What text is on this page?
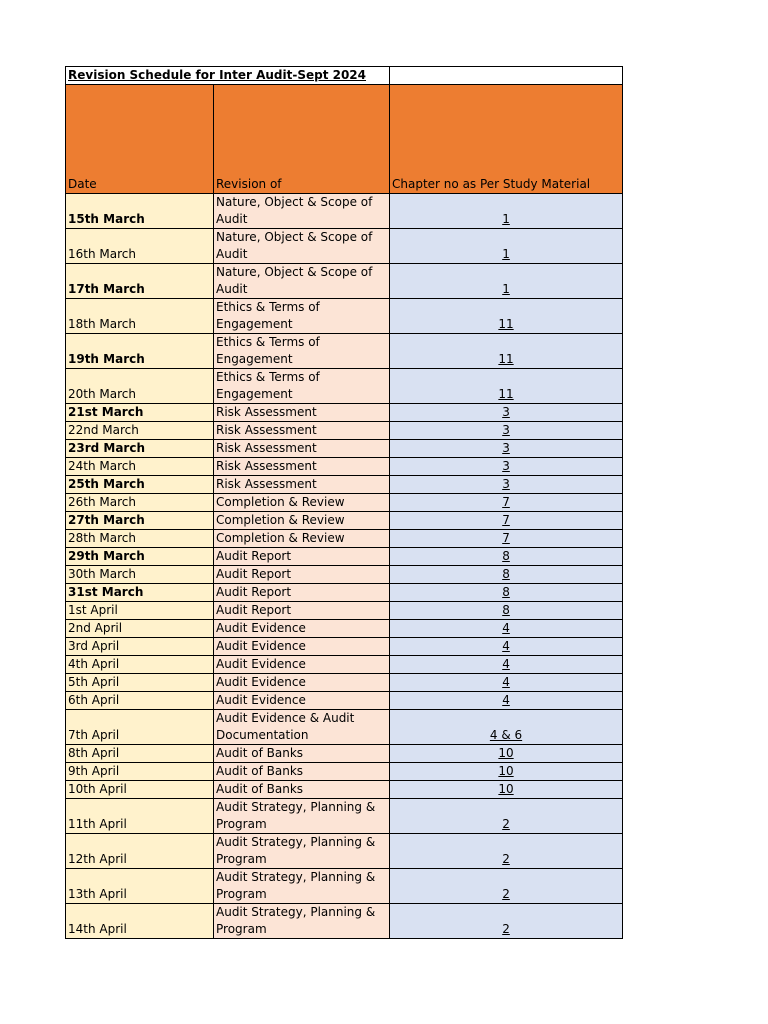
Revision Schedule for Inter Audit-Sept 2024		
Date	Revision of	Chapter no as Per Study Material
15th March	Nature, Object & Scope of Audit	1
16th March	Nature, Object & Scope of Audit	1
17th March	Nature, Object & Scope of Audit	1
18th March	Ethics & Terms of Engagement	11
19th March	Ethics & Terms of Engagement	11
20th March	Ethics & Terms of Engagement	11
21st March	Risk Assessment	3
22nd March	Risk Assessment	3
23rd March	Risk Assessment	3
24th March	Risk Assessment	3
25th March	Risk Assessment	3
26th March	Completion & Review	7
27th March	Completion & Review	7
28th March	Completion & Review	7
29th March	Audit Report	8
30th March	Audit Report	8
31st March	Audit Report	8
1st April	Audit Report	8
2nd April	Audit Evidence	4
3rd April	Audit Evidence	4
4th April	Audit Evidence	4
5th April	Audit Evidence	4
6th April	Audit Evidence	4
7th April	Audit Evidence & Audit Documentation	4 & 6
8th April	Audit of Banks	10
9th April	Audit of Banks	10
10th April	Audit of Banks	10
11th April	Audit Strategy, Planning & Program	2
12th April	Audit Strategy, Planning & Program	2
13th April	Audit Strategy, Planning & Program	2
14th April	Audit Strategy, Planning & Program	2
